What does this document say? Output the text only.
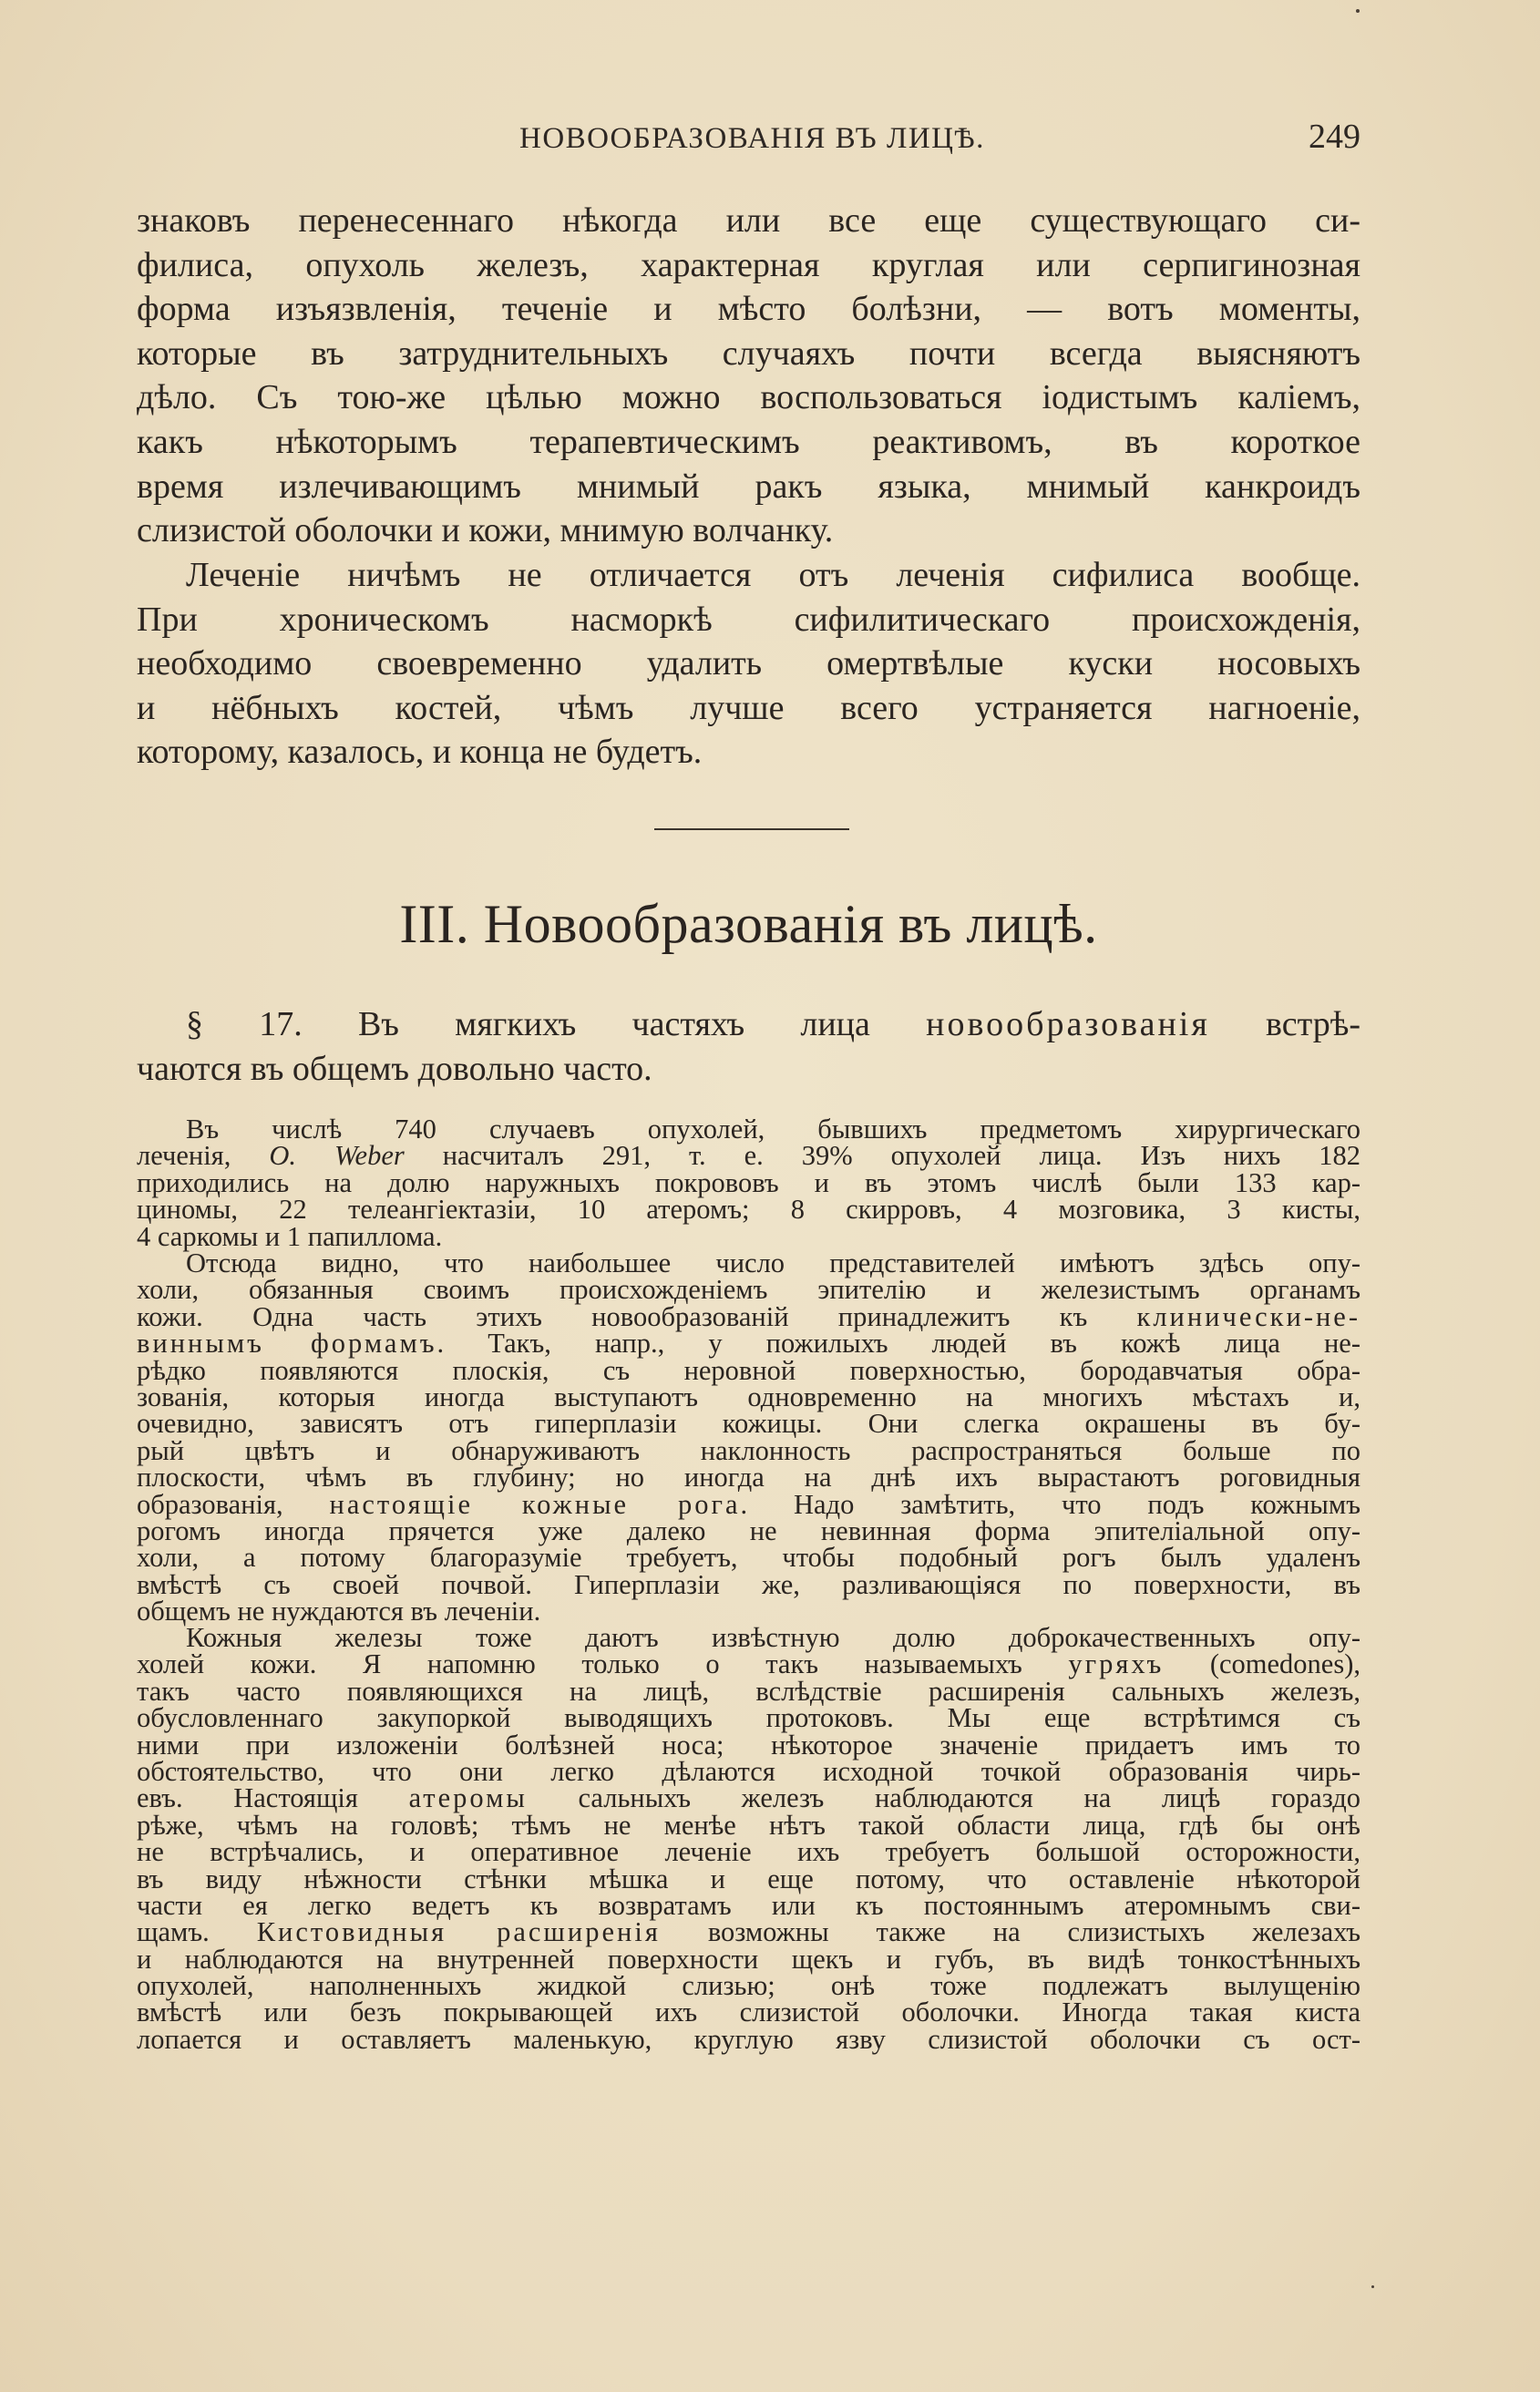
НОВООБРАЗОВАНІЯ ВЪ ЛИЦѢ.	249
знаковъ перенесеннаго нѣкогда или все еще существующаго си-
филиса, опухоль железъ, характерная круглая или серпигинозная
форма изъязвленія, теченіе и мѣсто болѣзни, — вотъ моменты,
которые въ затруднительныхъ случаяхъ почти всегда выясняютъ
дѣло. Съ тою-же цѣлью можно воспользоваться іодистымъ каліемъ,
какъ нѣкоторымъ терапевтическимъ реактивомъ, въ короткое
время излечивающимъ мнимый ракъ языка, мнимый канкроидъ
слизистой оболочки и кожи, мнимую волчанку.
Леченіе ничѣмъ не отличается отъ леченія сифилиса вообще.
При хроническомъ насморкѣ сифилитическаго происхожденія,
необходимо своевременно удалить омертвѣлые куски носовыхъ
и нёбныхъ костей, чѣмъ лучше всего устраняется нагноеніе,
которому, казалось, и конца не будетъ.
III. Новообразованія въ лицѣ.
§ 17. Въ мягкихъ частяхъ лица новообразованія встрѣ-
чаются въ общемъ довольно часто.
Въ числѣ 740 случаевъ опухолей, бывшихъ предметомъ хирургическаго
леченія, O. Weber насчиталъ 291, т. е. 39% опухолей лица. Изъ нихъ 182
приходились на долю наружныхъ покрововъ и въ этомъ числѣ были 133 кар-
циномы, 22 телеангіектазіи, 10 атеромъ; 8 скирровъ, 4 мозговика, 3 кисты,
4 саркомы и 1 папиллома.
Отсюда видно, что наибольшее число представителей имѣютъ здѣсь опу-
холи, обязанныя своимъ происхожденіемъ эпителію и железистымъ органамъ
кожи. Одна часть этихъ новообразованій принадлежитъ къ клинически-не-
виннымъ формамъ. Такъ, напр., у пожилыхъ людей въ кожѣ лица не-
рѣдко появляются плоскія, съ неровной поверхностью, бородавчатыя обра-
зованія, которыя иногда выступаютъ одновременно на многихъ мѣстахъ и,
очевидно, зависятъ отъ гиперплазіи кожицы. Они слегка окрашены въ бу-
рый цвѣтъ и обнаруживаютъ наклонность распространяться больше по
плоскости, чѣмъ въ глубину; но иногда на днѣ ихъ вырастаютъ роговидныя
образованія, настоящіе кожные рога. Надо замѣтить, что подъ кожнымъ
рогомъ иногда прячется уже далеко не невинная форма эпителіальной опу-
холи, а потому благоразуміе требуетъ, чтобы подобный рогъ былъ удаленъ
вмѣстѣ съ своей почвой. Гиперплазіи же, разливающіяся по поверхности, въ
общемъ не нуждаются въ леченіи.
Кожныя железы тоже даютъ извѣстную долю доброкачественныхъ опу-
холей кожи. Я напомню только о такъ называемыхъ угряхъ (comedones),
такъ часто появляющихся на лицѣ, вслѣдствіе расширенія сальныхъ железъ,
обусловленнаго закупоркой выводящихъ протоковъ. Мы еще встрѣтимся съ
ними при изложеніи болѣзней носа; нѣкоторое значеніе придаетъ имъ то
обстоятельство, что они легко дѣлаются исходной точкой образованія чирь-
евъ. Настоящія атеромы сальныхъ железъ наблюдаются на лицѣ гораздо
рѣже, чѣмъ на головѣ; тѣмъ не менѣе нѣтъ такой области лица, гдѣ бы онѣ
не встрѣчались, и оперативное леченіе ихъ требуетъ большой осторожности,
въ виду нѣжности стѣнки мѣшка и еще потому, что оставленіе нѣкоторой
части ея легко ведетъ къ возвратамъ или къ постояннымъ атеромнымъ сви-
щамъ. Кистовидныя расширенія возможны также на слизистыхъ железахъ
и наблюдаются на внутренней поверхности щекъ и губъ, въ видѣ тонкостѣнныхъ
опухолей, наполненныхъ жидкой слизью; онѣ тоже подлежатъ вылущенію
вмѣстѣ или безъ покрывающей ихъ слизистой оболочки. Иногда такая киста
лопается и оставляетъ маленькую, круглую язву слизистой оболочки съ ост-
